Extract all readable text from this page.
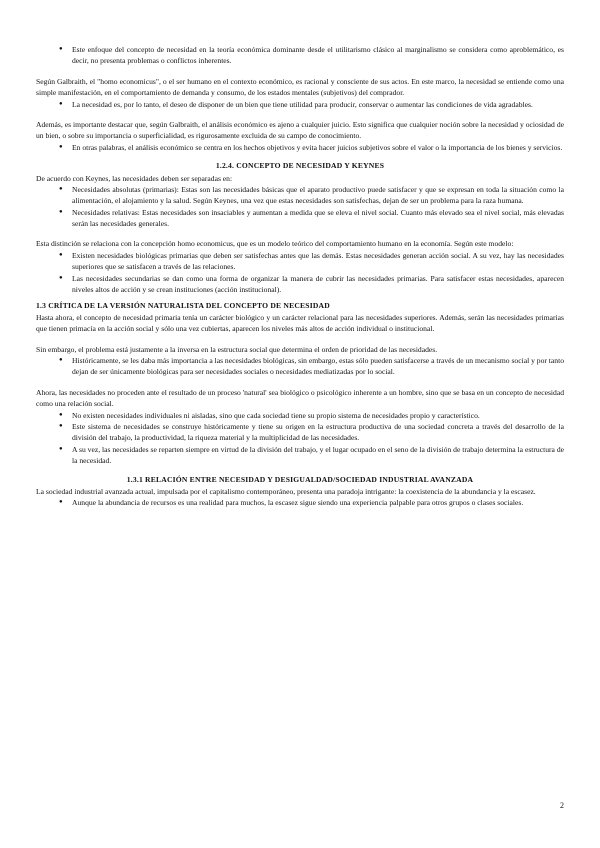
● Este enfoque del concepto de necesidad en la teoría económica dominante desde el utilitarismo clásico al marginalismo se considera como aproblemático, es decir, no presenta problemas o conflictos inherentes.

Según Galbraith, el "homo economicus", o el ser humano en el contexto económico, es racional y consciente de sus actos. En este marco, la necesidad se entiende como una simple manifestación, en el comportamiento de demanda y consumo, de los estados mentales (subjetivos) del comprador.

● La necesidad es, por lo tanto, el deseo de disponer de un bien que tiene utilidad para producir, conservar o aumentar las condiciones de vida agradables.

Además, es importante destacar que, según Galbraith, el análisis económico es ajeno a cualquier juicio. Esto significa que cualquier noción sobre la necesidad y ociosidad de un bien, o sobre su importancia o superficialidad, es rigurosamente excluida de su campo de conocimiento.

● En otras palabras, el análisis económico se centra en los hechos objetivos y evita hacer juicios subjetivos sobre el valor o la importancia de los bienes y servicios.
1.2.4. CONCEPTO DE NECESIDAD Y KEYNES

De acuerdo con Keynes, las necesidades deben ser separadas en:

● Necesidades absolutas (primarias): Estas son las necesidades básicas que el aparato productivo puede satisfacer y que se expresan en toda la situación como la alimentación, el alojamiento y la salud. Según Keynes, una vez que estas necesidades son satisfechas, dejan de ser un problema para la raza humana.
● Necesidades relativas: Estas necesidades son insaciables y aumentan a medida que se eleva el nivel social. Cuanto más elevado sea el nivel social, más elevadas serán las necesidades generales.

Esta distinción se relaciona con la concepción homo economicus, que es un modelo teórico del comportamiento humano en la economía. Según este modelo:

● Existen necesidades biológicas primarias que deben ser satisfechas antes que las demás. Estas necesidades generan acción social. A su vez, hay las necesidades superiores que se satisfacen a través de las relaciones.
● Las necesidades secundarias se dan como una forma de organizar la manera de cubrir las necesidades primarias. Para satisfacer estas necesidades, aparecen niveles altos de acción y se crean instituciones (acción institucional).
1.3 CRÍTICA DE LA VERSIÓN NATURALISTA DEL CONCEPTO DE NECESIDAD

Hasta ahora, el concepto de necesidad primaria tenía un carácter biológico y un carácter relacional para las necesidades superiores. Además, serán las necesidades primarias que tienen primacía en la acción social y sólo una vez cubiertas, aparecen los niveles más altos de acción individual o institucional.

Sin embargo, el problema está justamente a la inversa en la estructura social que determina el orden de prioridad de las necesidades.

● Históricamente, se les daba más importancia a las necesidades biológicas, sin embargo, estas sólo pueden satisfacerse a través de un mecanismo social y por tanto dejan de ser únicamente biológicas para ser necesidades sociales o necesidades mediatizadas por lo social.

Ahora, las necesidades no proceden ante el resultado de un proceso 'natural' sea biológico o psicológico inherente a un hombre, sino que se basa en un concepto de necesidad como una relación social.

● No existen necesidades individuales ni aisladas, sino que cada sociedad tiene su propio sistema de necesidades propio y característico.
● Este sistema de necesidades se construye históricamente y tiene su origen en la estructura productiva de una sociedad concreta a través del desarrollo de la división del trabajo, la productividad, la riqueza material y la multiplicidad de las necesidades.
● A su vez, las necesidades se reparten siempre en virtud de la división del trabajo, y el lugar ocupado en el seno de la división de trabajo determina la estructura de la necesidad.
1.3.1 RELACIÓN ENTRE NECESIDAD Y DESIGUALDAD/SOCIEDAD INDUSTRIAL AVANZADA

La sociedad industrial avanzada actual, impulsada por el capitalismo contemporáneo, presenta una paradoja intrigante: la coexistencia de la abundancia y la escasez.

● Aunque la abundancia de recursos es una realidad para muchos, la escasez sigue siendo una experiencia palpable para otros grupos o clases sociales.
2
